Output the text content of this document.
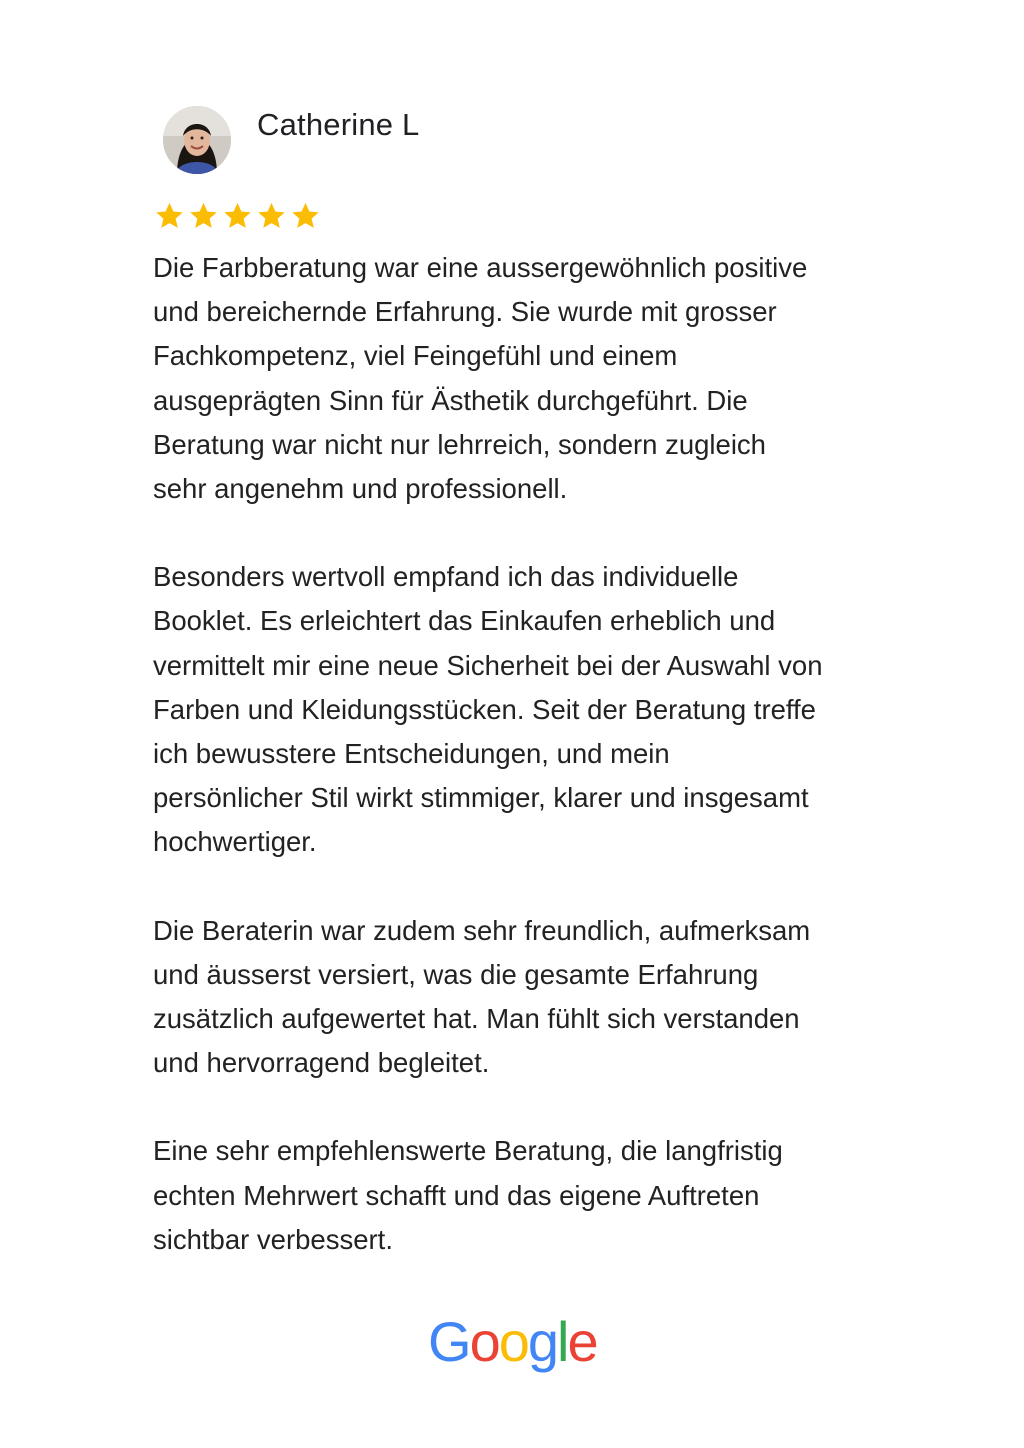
Catherine L

Die Farbberatung war eine aussergewöhnlich positive
und bereichernde Erfahrung. Sie wurde mit grosser
Fachkompetenz, viel Feingefühl und einem
ausgeprägten Sinn für Ästhetik durchgeführt. Die
Beratung war nicht nur lehrreich, sondern zugleich
sehr angenehm und professionell.

Besonders wertvoll empfand ich das individuelle
Booklet. Es erleichtert das Einkaufen erheblich und
vermittelt mir eine neue Sicherheit bei der Auswahl von
Farben und Kleidungsstücken. Seit der Beratung treffe
ich bewusstere Entscheidungen, und mein
persönlicher Stil wirkt stimmiger, klarer und insgesamt
hochwertiger.

Die Beraterin war zudem sehr freundlich, aufmerksam
und äusserst versiert, was die gesamte Erfahrung
zusätzlich aufgewertet hat. Man fühlt sich verstanden
und hervorragend begleitet.

Eine sehr empfehlenswerte Beratung, die langfristig
echten Mehrwert schafft und das eigene Auftreten
sichtbar verbessert.

Google
